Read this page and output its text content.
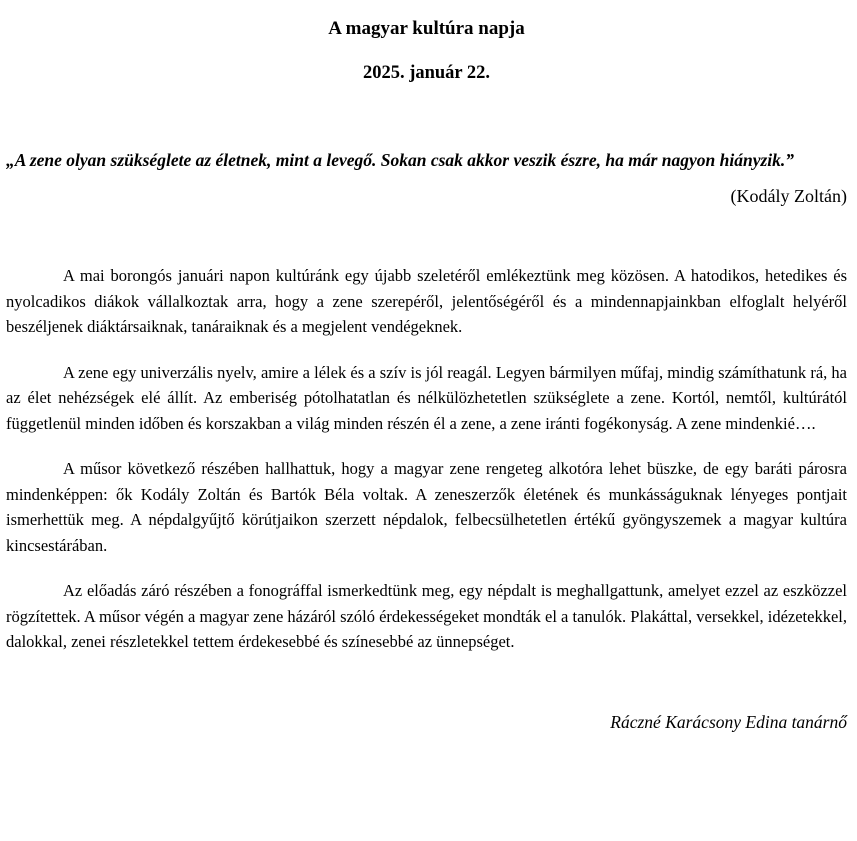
A magyar kultúra napja
2025. január 22.

„A zene olyan szükséglete az életnek, mint a levegő. Sokan csak akkor veszik észre, ha már nagyon hiányzik.”

(Kodály Zoltán)

A mai borongós januári napon kultúránk egy újabb szeletéről emlékeztünk meg közösen. A hatodikos, hetedikes és nyolcadikos diákok vállalkoztak arra, hogy a zene szerepéről, jelentőségéről és a mindennapjainkban elfoglalt helyéről beszéljenek diáktársaiknak, tanáraiknak és a megjelent vendégeknek.

A zene egy univerzális nyelv, amire a lélek és a szív is jól reagál. Legyen bármilyen műfaj, mindig számíthatunk rá, ha az élet nehézségek elé állít. Az emberiség pótolhatatlan és nélkülözhetetlen szükséglete a zene. Kortól, nemtől, kultúrától függetlenül minden időben és korszakban a világ minden részén él a zene, a zene iránti fogékonyság. A zene mindenkié….

A műsor következő részében hallhattuk, hogy a magyar zene rengeteg alkotóra lehet büszke, de egy baráti párosra mindenképpen: ők Kodály Zoltán és Bartók Béla voltak. A zeneszerzők életének és munkásságuknak lényeges pontjait ismerhettük meg. A népdalgyűjtő körútjaikon szerzett népdalok, felbecsülhetetlen értékű gyöngyszemek a magyar kultúra kincsestárában.

Az előadás záró részében a fonográffal ismerkedtünk meg, egy népdalt is meghallgattunk, amelyet ezzel az eszközzel rögzítettek. A műsor végén a magyar zene házáról szóló érdekességeket mondták el a tanulók. Plakáttal, versekkel, idézetekkel, dalokkal, zenei részletekkel tettem érdekesebbé és színesebbé az ünnepséget.

Ráczné Karácsony Edina tanárnő
